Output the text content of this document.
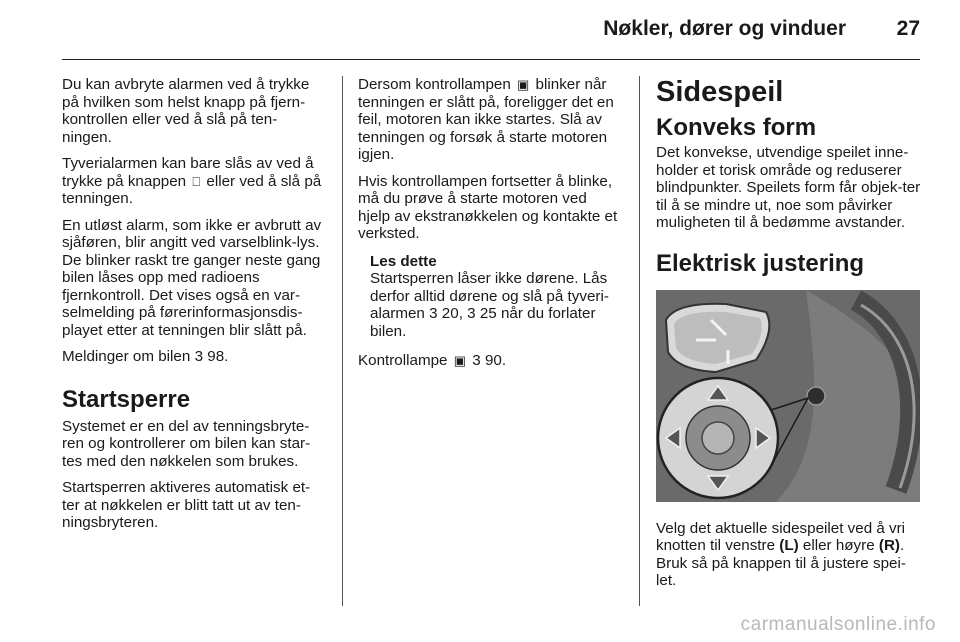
Nøkler, dører og vinduer 27

Du kan avbryte alarmen ved å trykke på hvilken som helst knapp på fjern-kontrollen eller ved å slå på ten-ningen.

Tyverialarmen kan bare slås av ved å trykke på knappen ⎕ eller ved å slå på tenningen.

En utløst alarm, som ikke er avbrutt av sjåføren, blir angitt ved varselblink-lys. De blinker raskt tre ganger neste gang bilen låses opp med radioens fjernkontroll. Det vises også en var-selmelding på førerinformasjonsdis-playet etter at tenningen blir slått på.

Meldinger om bilen 3 98.

Startsperre

Systemet er en del av tenningsbryte-ren og kontrollerer om bilen kan star-tes med den nøkkelen som brukes.

Startsperren aktiveres automatisk et-ter at nøkkelen er blitt tatt ut av ten-ningsbryteren.

Dersom kontrollampen ▣ blinker når tenningen er slått på, foreligger det en feil, motoren kan ikke startes. Slå av tenningen og forsøk å starte motoren igjen.

Hvis kontrollampen fortsetter å blinke, må du prøve å starte motoren ved hjelp av ekstranøkkelen og kontakte et verksted.

Les dette
Startsperren låser ikke dørene. Lås derfor alltid dørene og slå på tyveri-alarmen 3 20, 3 25 når du forlater bilen.

Kontrollampe ▣ 3 90.

Sidespeil
Konveks form

Det konvekse, utvendige speilet inne-holder et torisk område og reduserer blindpunkter. Speilets form får objek-ter til å se mindre ut, noe som påvirker muligheten til å bedømme avstander.

Elektrisk justering

Velg det aktuelle sidespeilet ved å vri knotten til venstre (L) eller høyre (R). Bruk så på knappen til å justere spei-let.

carmanualsonline.info
